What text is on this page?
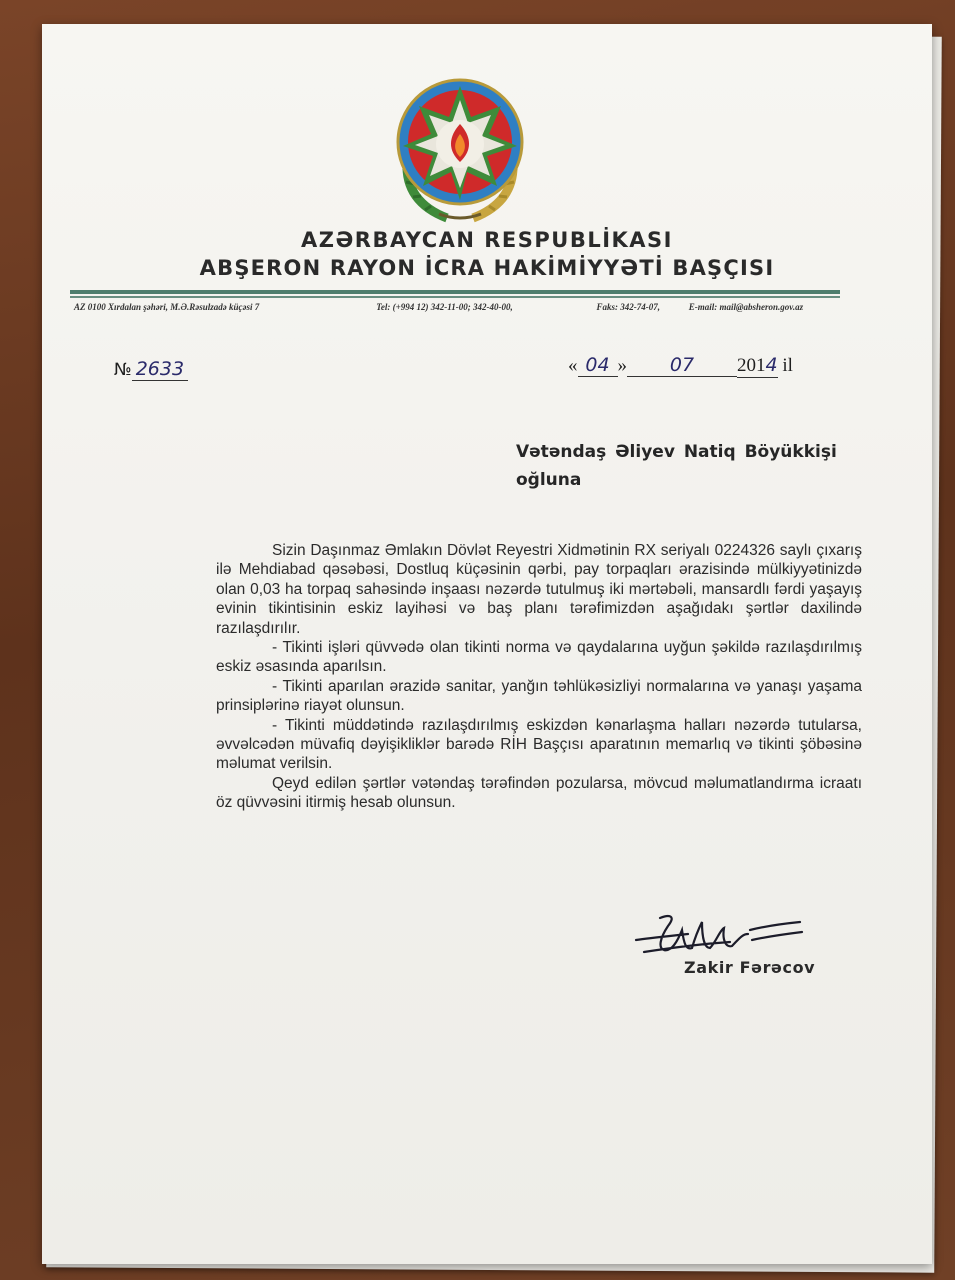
AZƏRBAYCAN RESPUBLİKASI
ABŞERON RAYON İCRA HAKİMİYYƏTİ BAŞÇISI
AZ 0100 Xırdalan şəhəri, M.Ə.Rəsulzadə küçəsi 7	Tel: (+994 12) 342-11-00; 342-40-00,	Faks: 342-74-07,	E-mail: mail@absheron.gov.az
№ 2633	« 04 » 07 2014 il
Vətəndaş Əliyev Natiq Böyükkişi
oğluna

Sizin Daşınmaz Əmlakın Dövlət Reyestri Xidmətinin RX seriyalı 0224326 saylı çıxarış ilə Mehdiabad qəsəbəsi, Dostluq küçəsinin qərbi, pay torpaqları ərazisində mülkiyyətinizdə olan 0,03 ha torpaq sahəsində inşaası nəzərdə tutulmuş iki mərtəbəli, mansardlı fərdi yaşayış evinin tikintisinin eskiz layihəsi və baş planı tərəfimizdən aşağıdakı şərtlər daxilində razılaşdırılır.

- Tikinti işləri qüvvədə olan tikinti norma və qaydalarına uyğun şəkildə razılaşdırılmış eskiz əsasında aparılsın.

- Tikinti aparılan ərazidə sanitar, yanğın təhlükəsizliyi normalarına və yanaşı yaşama prinsiplərinə riayət olunsun.

- Tikinti müddətində razılaşdırılmış eskizdən kənarlaşma halları nəzərdə tutularsa, əvvəlcədən müvafiq dəyişikliklər barədə RİH Başçısı aparatının memarlıq və tikinti şöbəsinə məlumat verilsin.

Qeyd edilən şərtlər vətəndaş tərəfindən pozularsa, mövcud məlumatlandırma icraatı öz qüvvəsini itirmiş hesab olunsun.

Zakir Fərəcov
